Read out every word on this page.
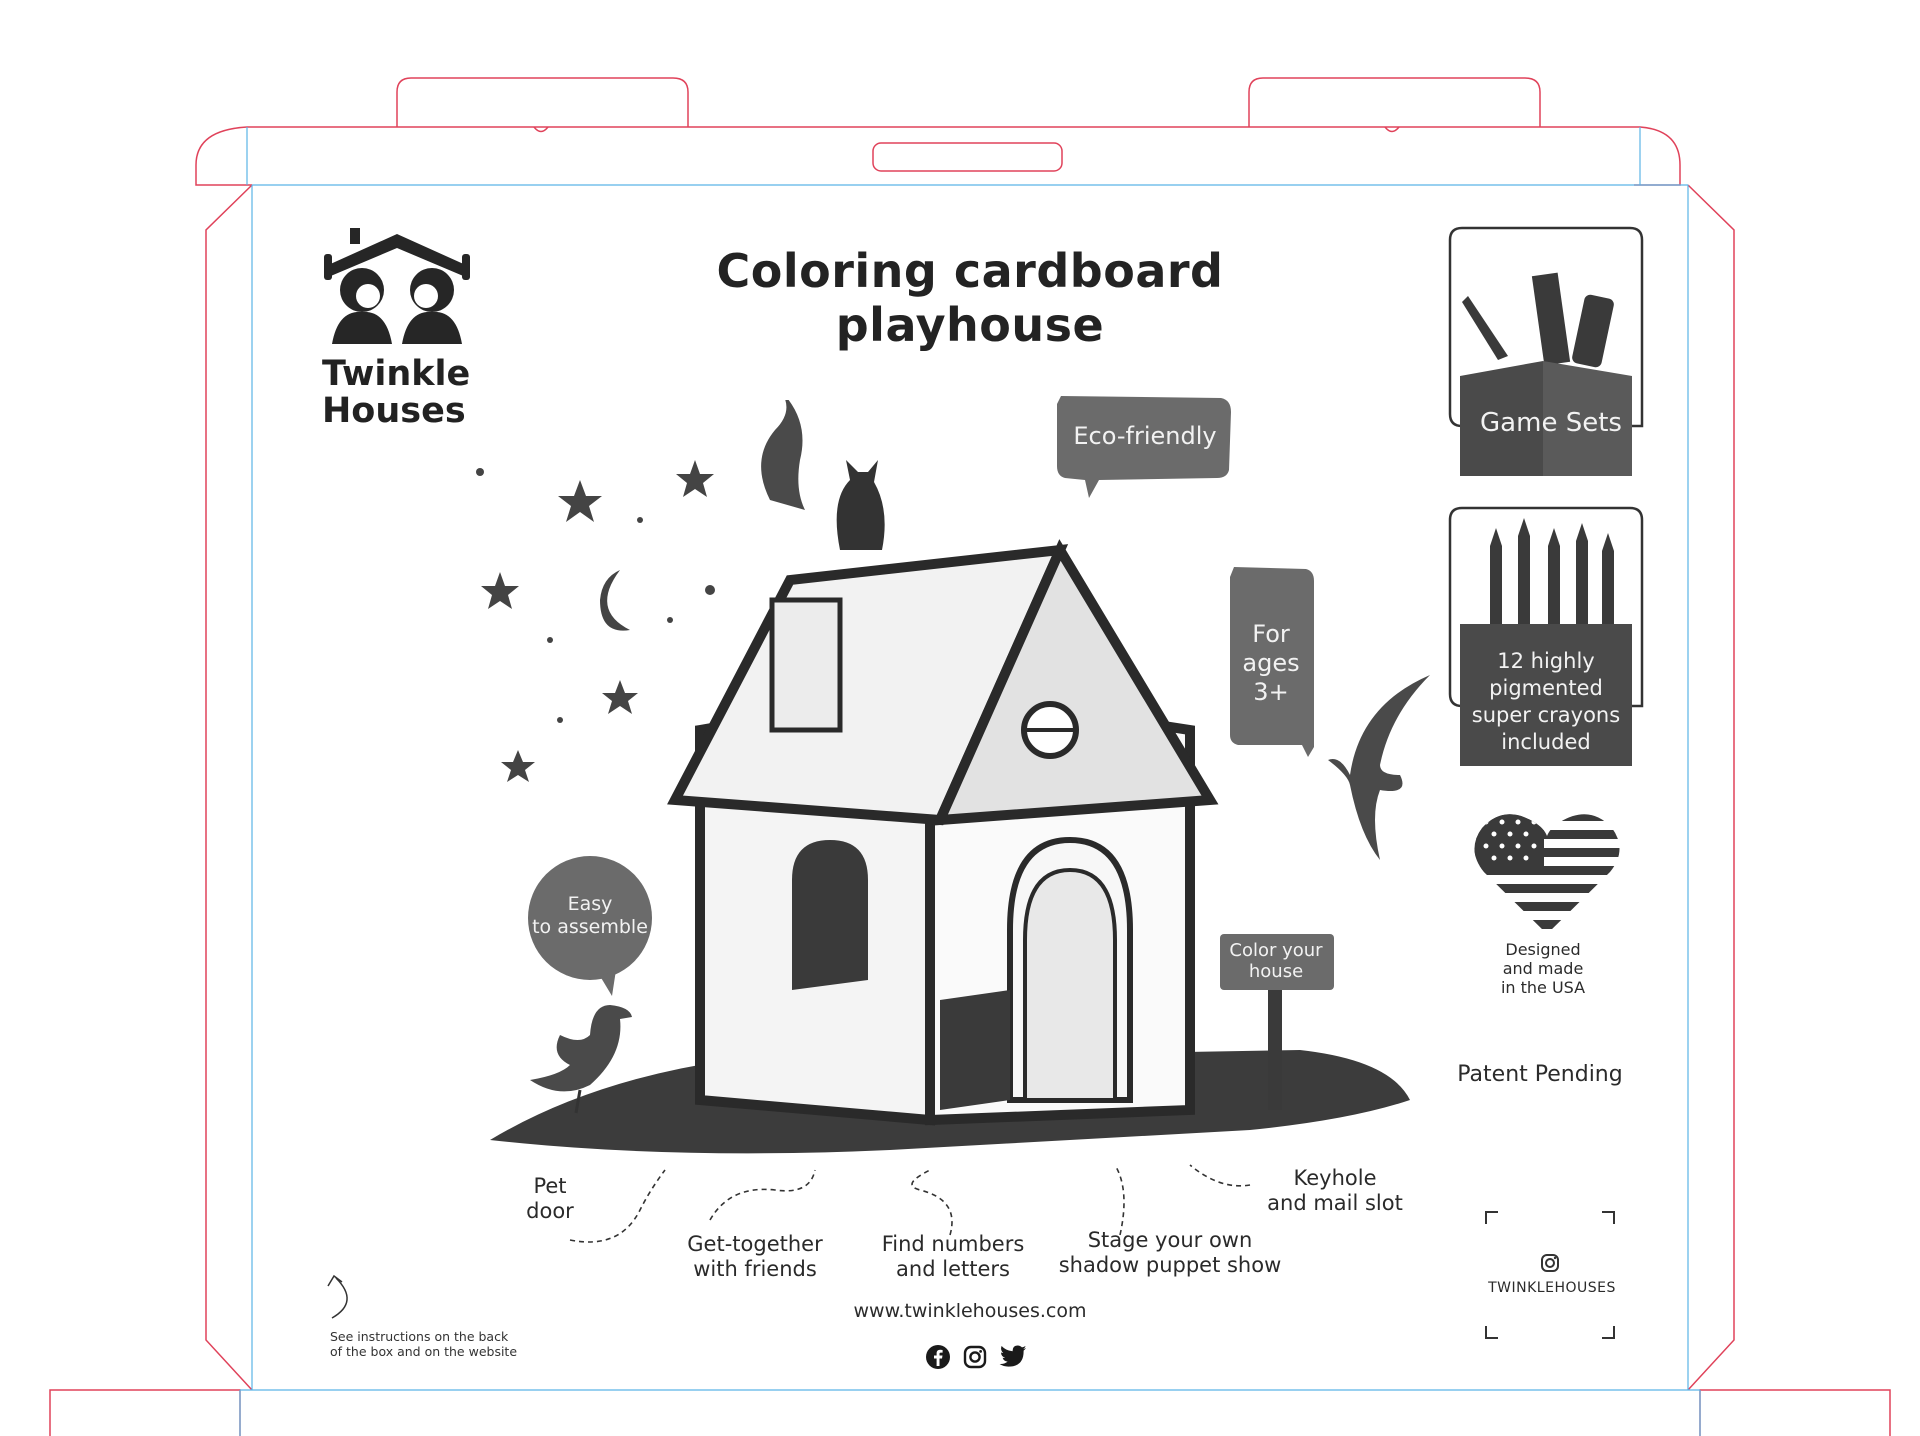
Twinkle
Houses
Coloring cardboard
playhouse
Eco-friendly
For
ages
3+
Easy
to assemble
Color your
house
Pet
door
Get-together
with friends
Find numbers
and letters
Stage your own
shadow puppet show
Keyhole
and mail slot
Game Sets
12 highly
pigmented
super crayons
included
Designed
and made
in the USA
Patent Pending
TWINKLEHOUSES
See instructions on the back
of the box and on the website
www.twinklehouses.com
